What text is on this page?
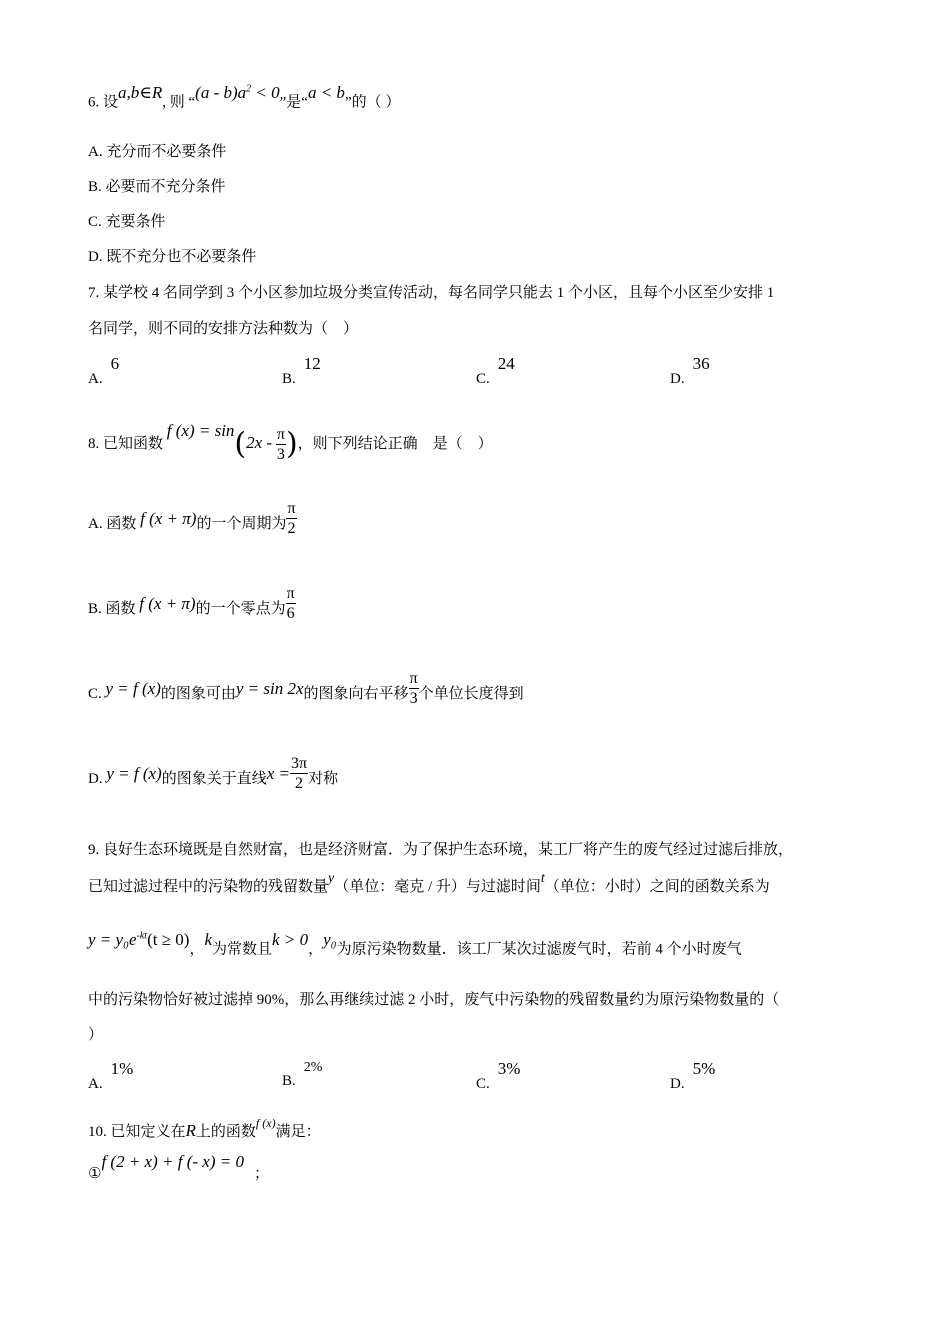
6. 设a,b∈R, 则 “$(a - b)a^2 < 0$”是“a < b”的（ ）
A. 充分而不必要条件
B. 必要而不充分条件
C. 充要条件
D. 既不充分也不必要条件
7. 某学校 4 名同学到 3 个小区参加垃圾分类宣传活动，每名同学只能去 1 个小区，且每个小区至少安排 1
名同学，则不同的安排方法种数为（　）
A.6
B.12
C.24
D.36
8. 已知函数 f $(x) = \sin(2x - \frac{\pi}{3}$ )，则下列结论正确　是（　）
A. 函数 f (x + π)的一个周期为 $\frac{\pi}{2}$
B. 函数 f (x + π)的一个零点为 $\frac{\pi}{6}$
C. y = f (x)的图象可由y = sin 2x的图象向右平移 $\frac{\pi}{3}$ 个单位长度得到
D. y = f (x)的图象关于直线$x = \frac{3\pi}{2}$ 对称
9. 良好生态环境既是自然财富，也是经济财富．为了保护生态环境，某工厂将产生的废气经过过滤后排放，
已知过滤过程中的污染物的残留数量y（单位：毫克 / 升）与过滤时间t（单位：小时）之间的函数关系为
$y = y_0e^{-kt}(t \ge 0)$，k为常数且k > 0，y₀为原污染物数量．该工厂某次过滤废气时，若前 4 个小时废气
中的污染物恰好被过滤掉 90%，那么再继续过滤 2 小时，废气中污染物的残留数量约为原污染物数量的（
）
A.1%
B.2%
C.3%
D.5%
10. 已知定义在R上的函数$^{f (x)}$满足：
①f (2 + x) + f (- x) = 0；
